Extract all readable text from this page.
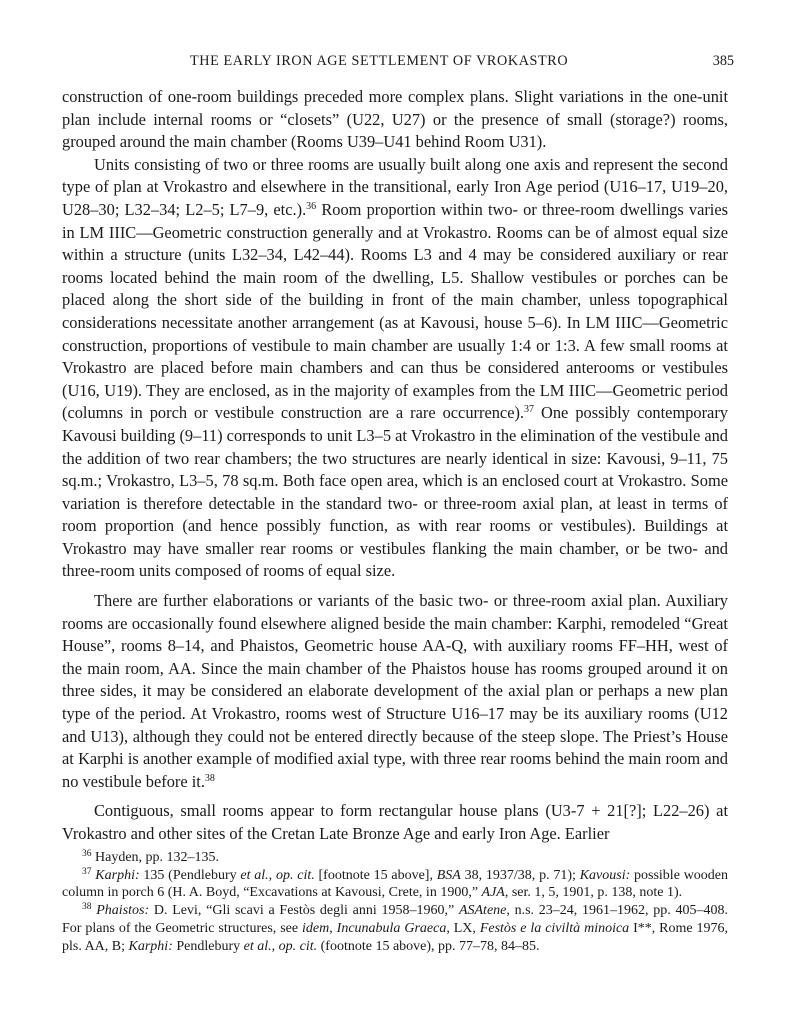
THE EARLY IRON AGE SETTLEMENT OF VROKASTRO	385

construction of one-room buildings preceded more complex plans. Slight variations in the one-unit plan include internal rooms or “closets” (U22, U27) or the presence of small (storage?) rooms, grouped around the main chamber (Rooms U39–U41 behind Room U31).

Units consisting of two or three rooms are usually built along one axis and represent the second type of plan at Vrokastro and elsewhere in the transitional, early Iron Age period (U16–17, U19–20, U28–30; L32–34; L2–5; L7–9, etc.).$^{36}$ Room proportion within two- or three-room dwellings varies in LM IIIC—Geometric construction generally and at Vrokastro. Rooms can be of almost equal size within a structure (units L32–34, L42–44). Rooms L3 and 4 may be considered auxiliary or rear rooms located behind the main room of the dwelling, L5. Shallow vestibules or porches can be placed along the short side of the building in front of the main chamber, unless topographical considerations necessitate another arrangement (as at Kavousi, house 5–6). In LM IIIC—Geometric construction, proportions of vestibule to main chamber are usually 1:4 or 1:3. A few small rooms at Vrokastro are placed before main chambers and can thus be considered anterooms or vestibules (U16, U19). They are enclosed, as in the majority of examples from the LM IIIC—Geometric period (columns in porch or vestibule construction are a rare occurrence).$^{37}$ One possibly contemporary Kavousi building (9–11) corresponds to unit L3–5 at Vrokastro in the elimination of the vestibule and the addition of two rear chambers; the two structures are nearly identical in size: Kavousi, 9–11, 75 sq.m.; Vrokastro, L3–5, 78 sq.m. Both face open area, which is an enclosed court at Vrokastro. Some variation is therefore detectable in the standard two- or three-room axial plan, at least in terms of room proportion (and hence possibly function, as with rear rooms or vestibules). Buildings at Vrokastro may have smaller rear rooms or vestibules flanking the main chamber, or be two- and three-room units composed of rooms of equal size.

There are further elaborations or variants of the basic two- or three-room axial plan. Auxiliary rooms are occasionally found elsewhere aligned beside the main chamber: Karphi, remodeled “Great House”, rooms 8–14, and Phaistos, Geometric house AA-Q, with auxiliary rooms FF–HH, west of the main room, AA. Since the main chamber of the Phaistos house has rooms grouped around it on three sides, it may be considered an elaborate development of the axial plan or perhaps a new plan type of the period. At Vrokastro, rooms west of Structure U16–17 may be its auxiliary rooms (U12 and U13), although they could not be entered directly because of the steep slope. The Priest’s House at Karphi is another example of modified axial type, with three rear rooms behind the main room and no vestibule before it.$^{38}$

Contiguous, small rooms appear to form rectangular house plans (U3-7 + 21[?]; L22–26) at Vrokastro and other sites of the Cretan Late Bronze Age and early Iron Age. Earlier

$^{36}$ Hayden, pp. 132–135.

$^{37}$ Karphi: 135 (Pendlebury et al., op. cit. [footnote 15 above], BSA 38, 1937/38, p. 71); Kavousi: possible wooden column in porch 6 (H. A. Boyd, “Excavations at Kavousi, Crete, in 1900,” AJA, ser. 1, 5, 1901, p. 138, note 1).

$^{38}$ Phaistos: D. Levi, “Gli scavi a Festòs degli anni 1958–1960,” ASAtene, n.s. 23–24, 1961–1962, pp. 405–408. For plans of the Geometric structures, see idem, Incunabula Graeca, LX, Festòs e la civiltà minoica I**, Rome 1976, pls. AA, B; Karphi: Pendlebury et al., op. cit. (footnote 15 above), pp. 77–78, 84–85.
